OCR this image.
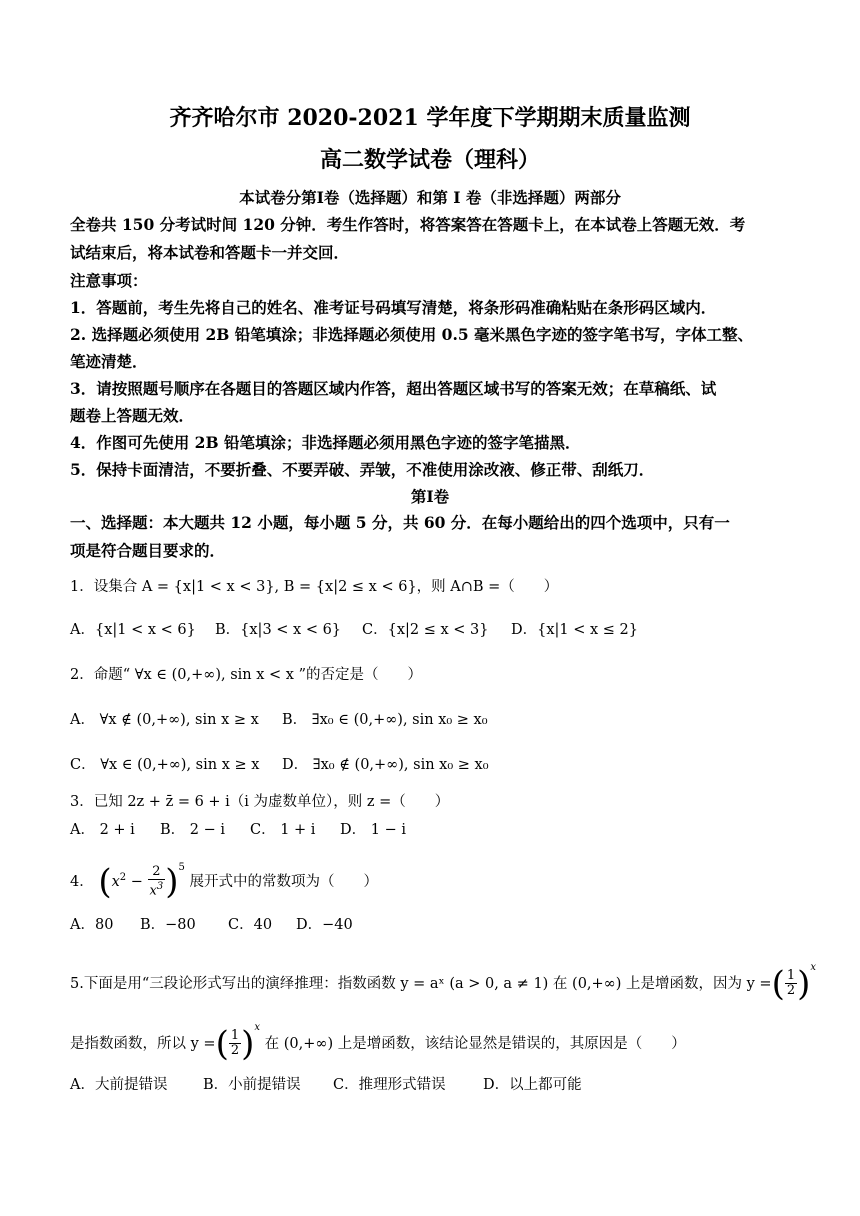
齐齐哈尔市 2020-2021 学年度下学期期末质量监测
高二数学试卷（理科）
本试卷分第Ⅰ卷（选择题）和第 I 卷（非选择题）两部分
全卷共 150 分考试时间 120 分钟．考生作答时，将答案答在答题卡上，在本试卷上答题无效．考
试结束后，将本试卷和答题卡一并交回．
注意事项：
1．答题前，考生先将自己的姓名、准考证号码填写清楚，将条形码准确粘贴在条形码区域内．
2. 选择题必须使用 2B 铅笔填涂；非选择题必须使用 0.5 毫米黑色字迹的签字笔书写，字体工整、
笔迹清楚．
3．请按照题号顺序在各题目的答题区域内作答，超出答题区域书写的答案无效；在草稿纸、试
题卷上答题无效．
4．作图可先使用 2B 铅笔填涂；非选择题必须用黑色字迹的签字笔描黑．
5．保持卡面清洁，不要折叠、不要弄破、弄皱，不准使用涂改液、修正带、刮纸刀．
第Ⅰ卷
一、选择题：本大题共 12 小题，每小题 5 分，共 60 分．在每小题给出的四个选项中，只有一
项是符合题目要求的．
1．设集合 A = {x|1 < x < 3}, B = {x|2 ≤ x < 6}，则 A∩B =（　　）
A．{x|1 < x < 6} B．{x|3 < x < 6} C．{x|2 ≤ x < 3} D．{x|1 < x ≤ 2}
2．命题“ ∀x ∈ (0,+∞), sin x < x ”的否定是（　　）
A． ∀x ∉ (0,+∞), sin x ≥ x B． ∃x₀ ∈ (0,+∞), sin x₀ ≥ x₀
C． ∀x ∈ (0,+∞), sin x ≥ x D． ∃x₀ ∉ (0,+∞), sin x₀ ≥ x₀
3．已知 2z + z̄ = 6 + i（i 为虚数单位），则 z =（　　）
A． 2 + i B． 2 − i C． 1 + i D． 1 − i
4． $(x^2 - \frac{2}{x^3} )^5$ 展开式中的常数项为（　　）
A．80 B．−80 C．40 D．−40
5.下面是用“三段论形式写出的演绎推理：指数函数 y = aˣ (a > 0, a ≠ 1) 在 (0,+∞) 上是增函数，因为 y =( $\frac{1}{2} )^x$
是指数函数，所以 y =( $\frac{1}{2} )^x$ 在 (0,+∞) 上是增函数，该结论显然是错误的，其原因是（　　）
A．大前提错误 B．小前提错误 C．推理形式错误	D．以上都可能
